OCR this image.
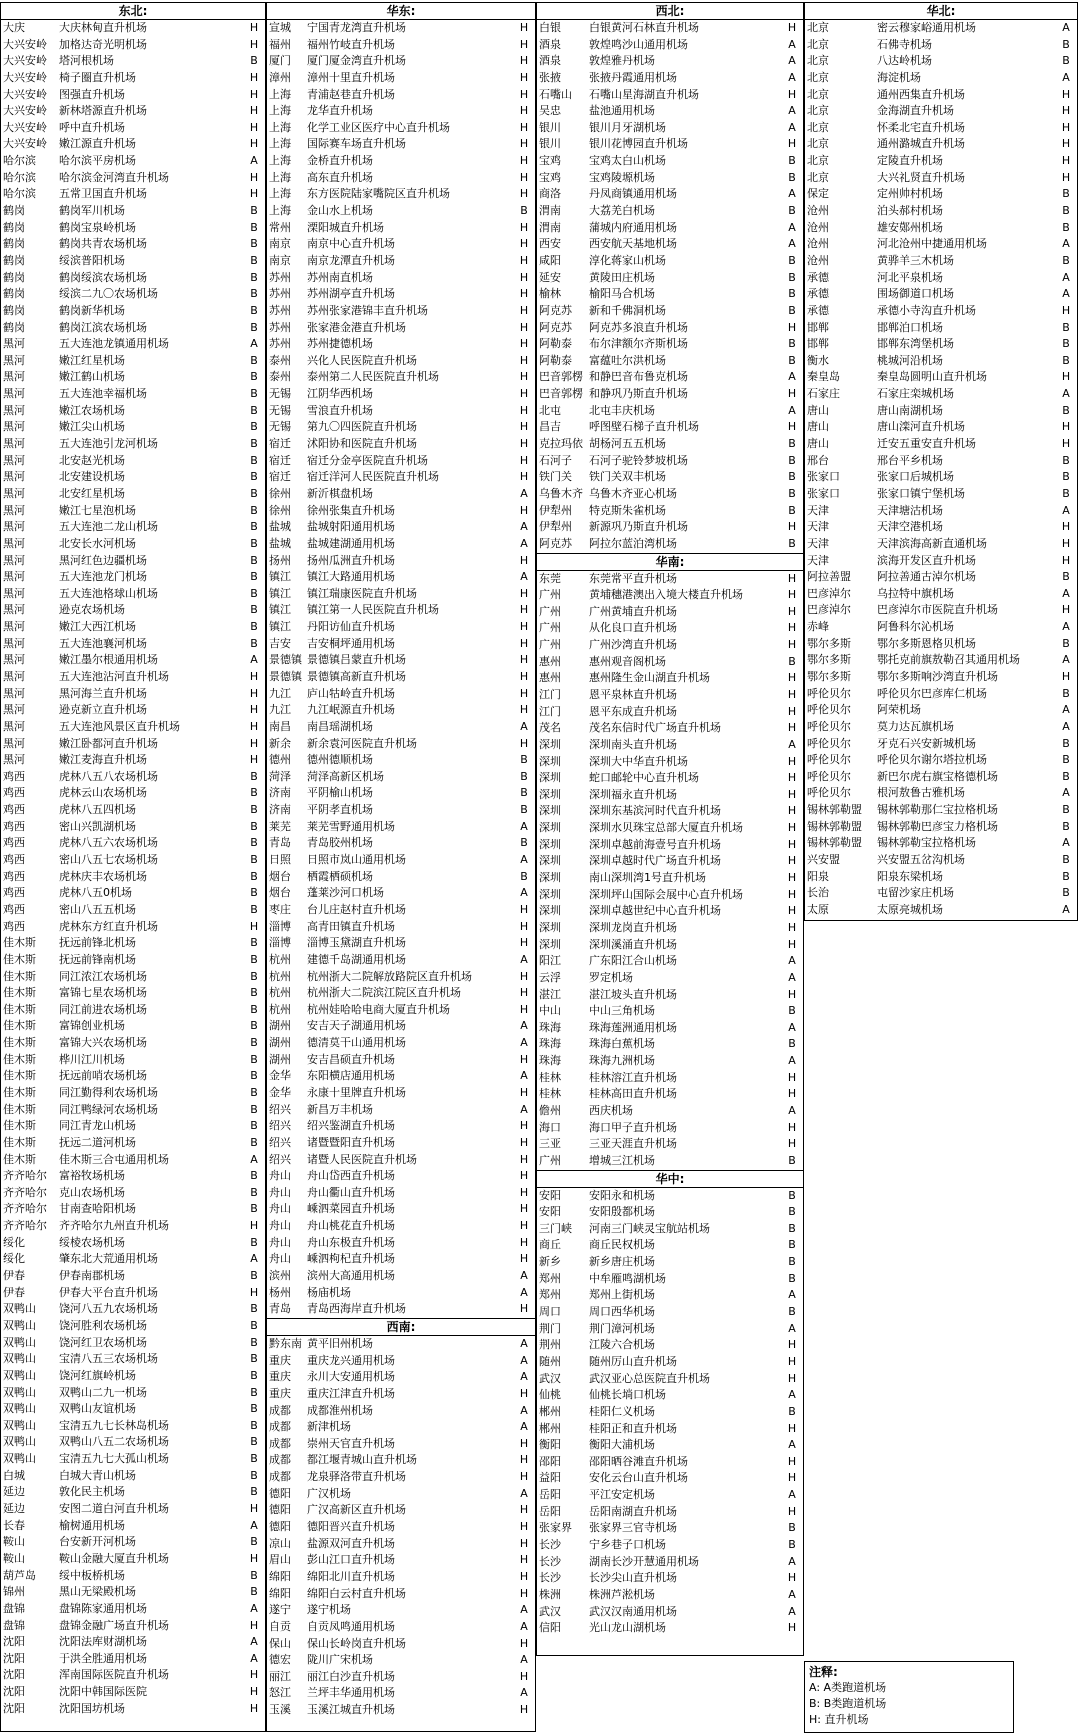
东北:
大庆	大庆林甸直升机场	H
大兴安岭	加格达奇光明机场	H
大兴安岭	塔河根机场	B
大兴安岭	椅子圈直升机场	H
大兴安岭	图强直升机场	H
大兴安岭	新林塔源直升机场	H
大兴安岭	呼中直升机场	H
大兴安岭	嫩江源直升机场	H
哈尔滨	哈尔滨平房机场	A
哈尔滨	哈尔滨金河湾直升机场	H
哈尔滨	五常卫国直升机场	H
鹤岗	鹤岗军川机场	B
鹤岗	鹤岗宝泉岭机场	B
鹤岗	鹤岗共青农场机场	B
鹤岗	绥滨普阳机场	B
鹤岗	鹤岗绥滨农场机场	B
鹤岗	绥滨二九〇农场机场	B
鹤岗	鹤岗新华机场	B
鹤岗	鹤岗江滨农场机场	B
黑河	五大连池龙镇通用机场	A
黑河	嫩江红星机场	B
黑河	嫩江鹤山机场	B
黑河	五大连池幸福机场	B
黑河	嫩江农场机场	B
黑河	嫩江尖山机场	B
黑河	五大连池引龙河机场	B
黑河	北安赵光机场	B
黑河	北安建设机场	B
黑河	北安红星机场	B
黑河	嫩江七星泡机场	B
黑河	五大连池二龙山机场	B
黑河	北安长水河机场	B
黑河	黑河红色边疆机场	B
黑河	五大连池龙门机场	B
黑河	五大连池格球山机场	B
黑河	逊克农场机场	B
黑河	嫩江大西江机场	B
黑河	五大连池襄河机场	B
黑河	嫩江墨尔根通用机场	A
黑河	五大连池沾河直升机场	H
黑河	黑河海兰直升机场	H
黑河	逊克新立直升机场	H
黑河	五大连池风景区直升机场	H
黑河	嫩江卧都河直升机场	H
黑河	嫩江麦海直升机场	H
鸡西	虎林八五八农场机场	B
鸡西	虎林云山农场机场	B
鸡西	虎林八五四机场	B
鸡西	密山兴凯湖机场	B
鸡西	虎林八五六农场机场	B
鸡西	密山八五七农场机场	B
鸡西	虎林庆丰农场机场	B
鸡西	虎林八五0机场	B
鸡西	密山八五五机场	B
鸡西	虎林东方红直升机场	H
佳木斯	抚远前锋北机场	B
佳木斯	抚远前锋南机场	B
佳木斯	同江浓江农场机场	B
佳木斯	富锦七星农场机场	B
佳木斯	同江前进农场机场	B
佳木斯	富锦创业机场	B
佳木斯	富锦大兴农场机场	B
佳木斯	桦川江川机场	B
佳木斯	抚远前哨农场机场	B
佳木斯	同江勤得利农场机场	B
佳木斯	同江鸭绿河农场机场	B
佳木斯	同江青龙山机场	B
佳木斯	抚远二道河机场	B
佳木斯	佳木斯三合屯通用机场	A
齐齐哈尔	富裕牧场机场	B
齐齐哈尔	克山农场机场	B
齐齐哈尔	甘南查哈阳机场	B
齐齐哈尔	齐齐哈尔九州直升机场	H
绥化	绥棱农场机场	B
绥化	肇东北大荒通用机场	A
伊春	伊春南郡机场	B
伊春	伊春大平台直升机场	H
双鸭山	饶河八五九农场机场	B
双鸭山	饶河胜利农场机场	B
双鸭山	饶河红卫农场机场	B
双鸭山	宝清八五三农场机场	B
双鸭山	饶河红旗岭机场	B
双鸭山	双鸭山二九一机场	B
双鸭山	双鸭山友谊机场	B
双鸭山	宝清五九七长林岛机场	B
双鸭山	双鸭山八五二农场机场	B
双鸭山	宝清五九七大孤山机场	B
白城	白城大青山机场	B
延边	敦化民主机场	B
延边	安图二道白河直升机场	H
长春	榆树通用机场	A
鞍山	台安新开河机场	B
鞍山	鞍山金融大厦直升机场	H
葫芦岛	绥中板桥机场	B
锦州	黑山无梁殿机场	B
盘锦	盘锦陈家通用机场	A
盘锦	盘锦金融广场直升机场	H
沈阳	沈阳法库财湖机场	A
沈阳	于洪全胜通用机场	A
沈阳	浑南国际医院直升机场	H
沈阳	沈阳中韩国际医院	H
沈阳	沈阳国坊机场	H
华东:
宣城	宁国青龙湾直升机场	H
福州	福州竹岐直升机场	H
厦门	厦门厦金湾直升机场	H
漳州	漳州十里直升机场	H
上海	青浦赵巷直升机场	H
上海	龙华直升机场	H
上海	化学工业区医疗中心直升机场	H
上海	国际赛车场直升机场	H
上海	金桥直升机场	H
上海	高东直升机场	H
上海	东方医院陆家嘴院区直升机场	H
上海	金山水上机场	B
常州	溧阳城直升机场	H
南京	南京中心直升机场	H
南京	南京龙潭直升机场	H
苏州	苏州南直机场	H
苏州	苏州湖亭直升机场	H
苏州	苏州张家港锦丰直升机场	H
苏州	张家港金港直升机场	H
苏州	苏州捷德机场	H
泰州	兴化人民医院直升机场	H
泰州	泰州第二人民医院直升机场	H
无锡	江阴华西机场	H
无锡	雪浪直升机场	H
无锡	第九〇四医院直升机场	H
宿迁	沭阳协和医院直升机场	H
宿迁	宿迁分金亭医院直升机场	H
宿迁	宿迁洋河人民医院直升机场	H
徐州	新沂棋盘机场	A
徐州	徐州张集直升机场	H
盐城	盐城射阳通用机场	A
盐城	盐城建湖通用机场	A
扬州	扬州瓜洲直升机场	H
镇江	镇江大路通用机场	A
镇江	镇江瑞康医院直升机场	H
镇江	镇江第一人民医院直升机场	H
镇江	丹阳访仙直升机场	H
吉安	吉安桐坪通用机场	H
景德镇 景德镇吕蒙直升机场	H
景德镇 景德镇高新直升机场	H
九江	庐山牯岭直升机场	H
九江	九江岷源直升机场	H
南昌	南昌瑶湖机场	A
新余	新余袁河医院直升机场	H
德州	德州德顺机场	B
菏泽	菏泽高新区机场	B
济南	平阴榆山机场	B
济南	平阴孝直机场	B
莱芜	莱芜雪野通用机场	A
青岛	青岛胶州机场	B
日照	日照市岚山通用机场	A
烟台	栖霞栖硕机场	B
烟台	蓬莱沙河口机场	A
枣庄	台儿庄赵村直升机场	H
淄博	高青田镇直升机场	H
淄博	淄博玉黛湖直升机场	H
杭州	建德千岛湖通用机场	A
杭州	杭州浙大二院解放路院区直升机场	H
杭州	杭州浙大二院滨江院区直升机场	H
杭州	杭州娃哈哈电商大厦直升机场	H
湖州	安吉天子湖通用机场	A
湖州	德清莫干山通用机场	A
湖州	安吉昌硕直升机场	H
金华	东阳横店通用机场	A
金华	永康十里牌直升机场	H
绍兴	新昌万丰机场	A
绍兴	绍兴鉴湖直升机场	H
绍兴	诸暨暨阳直升机场	H
绍兴	诸暨人民医院直升机场	H
舟山	舟山岱西直升机场	H
舟山	舟山衢山直升机场	H
舟山	嵊泗菜园直升机场	H
舟山	舟山桃花直升机场	H
舟山	舟山东极直升机场	H
舟山	嵊泗枸杞直升机场	H
滨州	滨州大高通用机场	A
杨州	杨庙机场	A
青岛	青岛西海岸直升机场	H
西南:
黔东南 黄平旧州机场	A
重庆	重庆龙兴通用机场	A
重庆	永川大安通用机场	A
重庆	重庆江津直升机场	H
成都	成都淮州机场	A
成都	新津机场	A
成都	崇州天官直升机场	H
成都	都江堰青城山直升机场	H
成都	龙泉驿洛带直升机场	H
德阳	广汉机场	A
德阳	广汉高新区直升机场	H
德阳	德阳晋兴直升机场	H
凉山	盐源双河直升机场	H
眉山	彭山江口直升机场	H
绵阳	绵阳北川直升机场	H
绵阳	绵阳白云村直升机场	H
遂宁	遂宁机场	A
自贡	自贡凤鸣通用机场	A
保山	保山长岭岗直升机场	H
德宏	陇川广宋机场	A
丽江	丽江白沙直升机场	H
怒江	兰坪丰华通用机场	A
玉溪	玉溪江城直升机场	H
西北:
白银	白银黄河石林直升机场	H
酒泉	敦煌鸣沙山通用机场	A
酒泉	敦煌雅丹机场	A
张掖	张掖丹霞通用机场	A
石嘴山	石嘴山星海湖直升机场	H
吴忠	盐池通用机场	A
银川	银川月牙湖机场	A
银川	银川花博园直升机场	H
宝鸡	宝鸡太白山机场	B
宝鸡	宝鸡陵塬机场	B
商洛	丹凤商镇通用机场	A
渭南	大荔羌白机场	B
渭南	蒲城内府通用机场	A
西安	西安航天基地机场	A
咸阳	淳化蒋家山机场	B
延安	黄陵田庄机场	B
榆林	榆阳马合机场	B
阿克苏	新和千佛洞机场	B
阿克苏	阿克苏多浪直升机场	H
阿勒泰	布尔津额尔齐斯机场	B
阿勒泰	富蕴吐尔洪机场	B
巴音郭楞 和静巴音布鲁克机场	A
巴音郭楞 和静巩乃斯直升机场	H
北屯	北屯丰庆机场	A
昌吉	呼图壁石梯子直升机场	H
克拉玛依 胡杨河五五机场	B
石河子	石河子驼铃梦坡机场	B
铁门关	铁门关双丰机场	B
乌鲁木齐 乌鲁木齐亚心机场	B
伊犁州	特克斯朱雀机场	B
伊犁州	新源巩乃斯直升机场	H
阿克苏	阿拉尔蓝泊湾机场	B
华南:
东莞	东莞常平直升机场	H
广州	黄埔穗港澳出入境大楼直升机场	H
广州	广州黄埔直升机场	H
广州	从化良口直升机场	H
广州	广州沙湾直升机场	H
惠州	惠州观音阁机场	B
惠州	惠州隆生金山湖直升机场	H
江门	恩平泉林直升机场	H
江门	恩平东成直升机场	H
茂名	茂名东信时代广场直升机场	H
深圳	深圳南头直升机场	A
深圳	深圳大中华直升机场	H
深圳	蛇口邮轮中心直升机场	H
深圳	深圳福永直升机场	H
深圳	深圳东基滨河时代直升机场	H
深圳	深圳水贝珠宝总部大厦直升机场	H
深圳	深圳卓越前海壹号直升机场	H
深圳	深圳卓越时代广场直升机场	H
深圳	南山深圳湾1号直升机场	H
深圳	深圳坪山国际会展中心直升机场	H
深圳	深圳卓越世纪中心直升机场	H
深圳	深圳龙岗直升机场	H
深圳	深圳溪涌直升机场	H
阳江	广东阳江合山机场	A
云浮	罗定机场	A
湛江	湛江坡头直升机场	H
中山	中山三角机场	B
珠海	珠海莲洲通用机场	A
珠海	珠海白蕉机场	B
珠海	珠海九洲机场	A
桂林	桂林溶江直升机场	H
桂林	桂林高田直升机场	H
儋州	西庆机场	A
海口	海口甲子直升机场	H
三亚	三亚天涯直升机场	H
广州	增城三江机场	B
华中:
安阳	安阳永和机场	B
安阳	安阳殷都机场	B
三门峡	河南三门峡灵宝航站机场	B
商丘	商丘民权机场	B
新乡	新乡唐庄机场	B
郑州	中牟雁鸣湖机场	B
郑州	郑州上街机场	A
周口	周口西华机场	B
荆门	荆门漳河机场	A
荆州	江陵六合机场	H
随州	随州厉山直升机场	H
武汉	武汉亚心总医院直升机场	H
仙桃	仙桃长埫口机场	A
郴州	桂阳仁义机场	B
郴州	桂阳正和直升机场	H
衡阳	衡阳大浦机场	A
邵阳	邵阳晒谷滩直升机场	H
益阳	安化云台山直升机场	H
岳阳	平江安定机场	A
岳阳	岳阳南湖直升机场	H
张家界	张家界三官寺机场	B
长沙	宁乡巷子口机场	B
长沙	湖南长沙开慧通用机场	A
长沙	长沙尖山直升机场	H
株洲	株洲芦淞机场	A
武汉	武汉汉南通用机场	A
信阳	光山龙山湖机场	H
华北:
北京	密云穆家峪通用机场	A
北京	石佛寺机场	B
北京	八达岭机场	B
北京	海淀机场	A
北京	通州西集直升机场	H
北京	金海湖直升机场	H
北京	怀柔北宅直升机场	H
北京	通州潞城直升机场	H
北京	定陵直升机场	H
北京	大兴礼贤直升机场	H
保定	定州帅村机场	B
沧州	泊头郝村机场	B
沧州	雄安鄚州机场	B
沧州	河北沧州中捷通用机场	A
沧州	黄骅羊三木机场	B
承德	河北平泉机场	A
承德	围场御道口机场	A
承德	承德小寺沟直升机场	H
邯郸	邯郸泊口机场	B
邯郸	邯郸东湾堡机场	B
衡水	桃城河沿机场	B
秦皇岛	秦皇岛圆明山直升机场	H
石家庄	石家庄栾城机场	A
唐山	唐山南湖机场	B
唐山	唐山滦河直升机场	H
唐山	迁安五重安直升机场	H
邢台	邢台平乡机场	B
张家口	张家口后城机场	B
张家口	张家口镇宁堡机场	B
天津	天津塘沽机场	A
天津	天津空港机场	H
天津	天津滨海高新直通机场	H
天津	滨海开发区直升机场	H
阿拉善盟	阿拉善通古淖尔机场	B
巴彦淖尔	乌拉特中旗机场	A
巴彦淖尔	巴彦淖尔市医院直升机场	H
赤峰	阿鲁科尔沁机场	A
鄂尔多斯	鄂尔多斯恩格贝机场	B
鄂尔多斯	鄂托克前旗敖勒召其通用机场	A
鄂尔多斯	鄂尔多斯响沙湾直升机场	H
呼伦贝尔	呼伦贝尔巴彦库仁机场	B
呼伦贝尔	阿荣机场	A
呼伦贝尔	莫力达瓦旗机场	A
呼伦贝尔	牙克石兴安新城机场	B
呼伦贝尔	呼伦贝尔谢尔塔拉机场	B
呼伦贝尔	新巴尔虎右旗宝格德机场	B
呼伦贝尔	根河敖鲁古雅机场	A
锡林郭勒盟	锡林郭勒那仁宝拉格机场	B
锡林郭勒盟	锡林郭勒巴彦宝力格机场	B
锡林郭勒盟	锡林郭勒宝拉格机场	A
兴安盟	兴安盟五岔沟机场	B
阳泉	阳泉东梁机场	B
长治	屯留沙家庄机场	B
太原	太原亮城机场	A
注释:
A: A类跑道机场
B: B类跑道机场
H: 直升机场
